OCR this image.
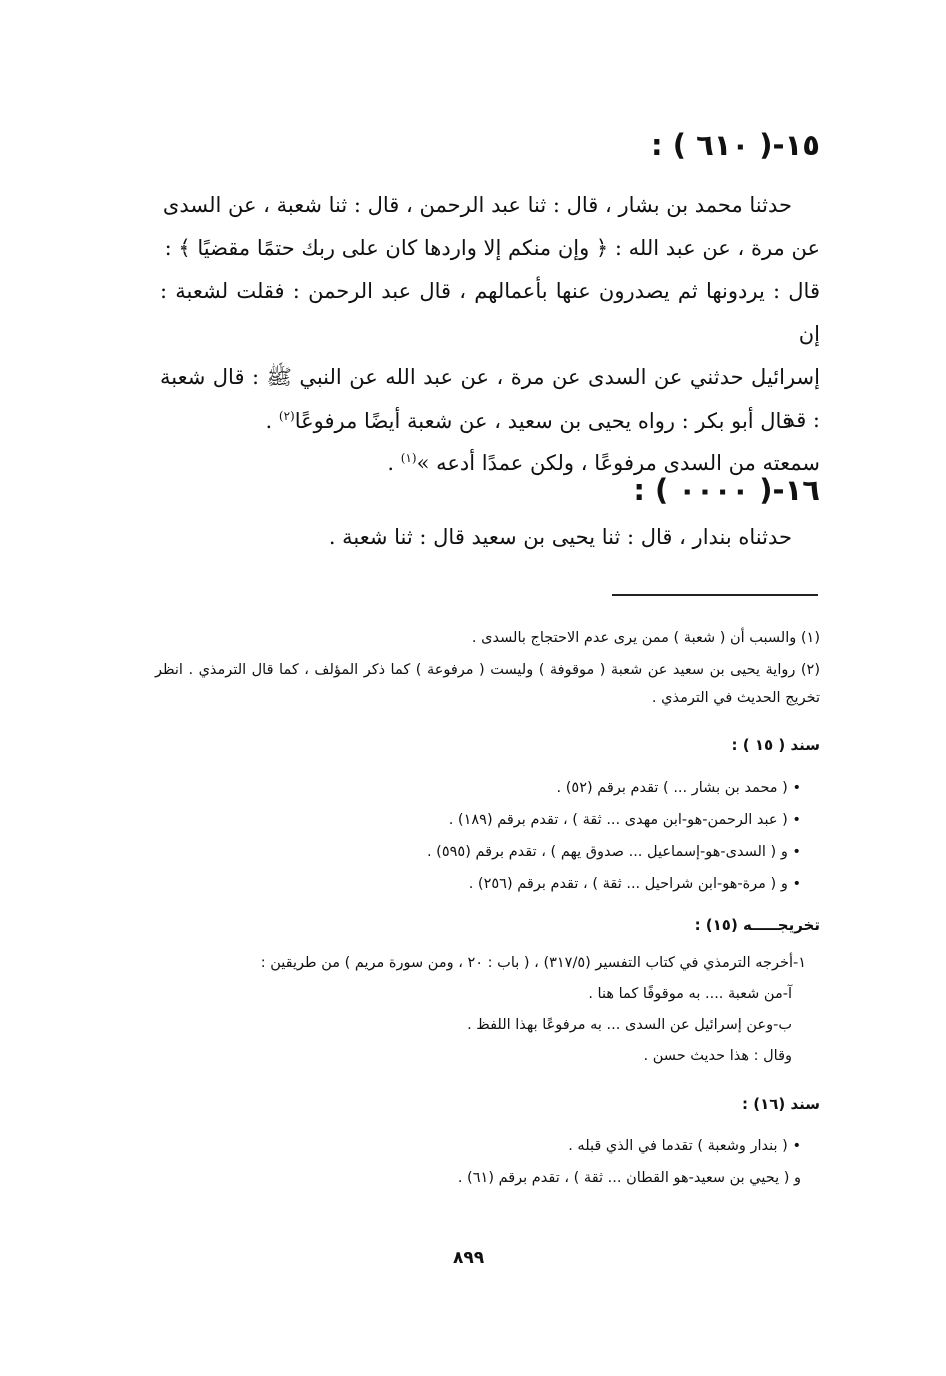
١٥-( ٦١٠ ) :
حدثنا محمد بن بشار ، قال : ثنا عبد الرحمن ، قال : ثنا شعبة ، عن السدى
عن مرة ، عن عبد الله : ﴿ وإن منكم إلا واردها كان على ربك حتمًا مقضيًا ﴾ :
قال : يردونها ثم يصدرون عنها بأعمالهم ، قال عبد الرحمن : فقلت لشعبة : إن
إسرائيل حدثني عن السدى عن مرة ، عن عبد الله عن النبي ﷺ : قال شعبة : قد
سمعته من السدى مرفوعًا ، ولكن عمدًا أدعه »$^{(١)}$ .
قال أبو بكر : رواه يحيى بن سعيد ، عن شعبة أيضًا مرفوعًا$^{(٢)}$ .
١٦-( ٠٠٠٠ ) :
حدثناه بندار ، قال : ثنا يحيى بن سعيد قال : ثنا شعبة .
(١) والسبب أن ( شعبة ) ممن يرى عدم الاحتجاج بالسدى .
(٢) رواية يحيى بن سعيد عن شعبة ( موقوفة ) وليست ( مرفوعة ) كما ذكر المؤلف ، كما قال الترمذي . انظر تخريج الحديث في الترمذي .
سند ( ١٥ ) :
• ( محمد بن بشار ... ) تقدم برقم (٥٢) .
• ( عبد الرحمن-هو-ابن مهدى ... ثقة ) ، تقدم برقم (١٨٩) .
• و ( السدى-هو-إسماعيل ... صدوق يهم ) ، تقدم برقم (٥٩٥) .
• و ( مرة-هو-ابن شراحيل ... ثقة ) ، تقدم برقم (٢٥٦) .
تخريجـــــه (١٥) :
١-أخرجه الترمذي في كتاب التفسير (٣١٧/٥) ، ( باب : ٢٠ ، ومن سورة مريم ) من طريقين :
آ-من شعبة .... به موقوفًا كما هنا .
ب-وعن إسرائيل عن السدى ... به مرفوعًا بهذا اللفظ .
وقال : هذا حديث حسن .
سند (١٦) :
• ( بندار وشعبة ) تقدما في الذي قبله .
و ( يحيي بن سعيد-هو القطان ... ثقة ) ، تقدم برقم (٦١) .
٨٩٩
